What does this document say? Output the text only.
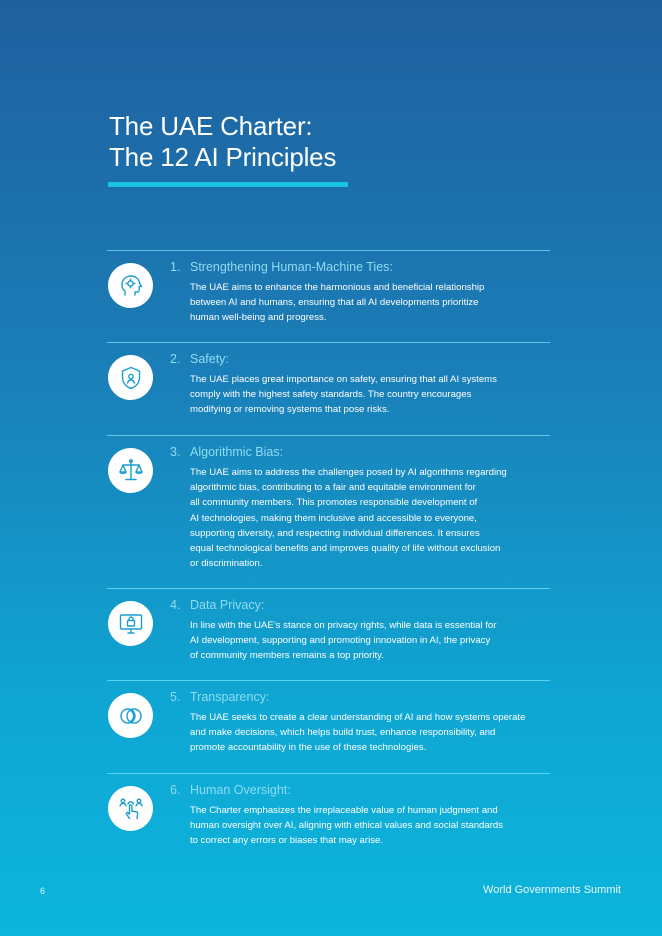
The UAE Charter:
The 12 AI Principles
1. Strengthening Human-Machine Ties:
The UAE aims to enhance the harmonious and beneficial relationship
between AI and humans, ensuring that all AI developments prioritize
human well-being and progress.
2. Safety:
The UAE places great importance on safety, ensuring that all AI systems
comply with the highest safety standards. The country encourages
modifying or removing systems that pose risks.
3. Algorithmic Bias:
The UAE aims to address the challenges posed by AI algorithms regarding
algorithmic bias, contributing to a fair and equitable environment for
all community members. This promotes responsible development of
AI technologies, making them inclusive and accessible to everyone,
supporting diversity, and respecting individual differences. It ensures
equal technological benefits and improves quality of life without exclusion
or discrimination.
4. Data Privacy:
In line with the UAE’s stance on privacy rights, while data is essential for
AI development, supporting and promoting innovation in AI, the privacy
of community members remains a top priority.
5. Transparency:
The UAE seeks to create a clear understanding of AI and how systems operate
and make decisions, which helps build trust, enhance responsibility, and
promote accountability in the use of these technologies.
6. Human Oversight:
The Charter emphasizes the irreplaceable value of human judgment and
human oversight over AI, aligning with ethical values and social standards
to correct any errors or biases that may arise.
6	World Governments Summit
